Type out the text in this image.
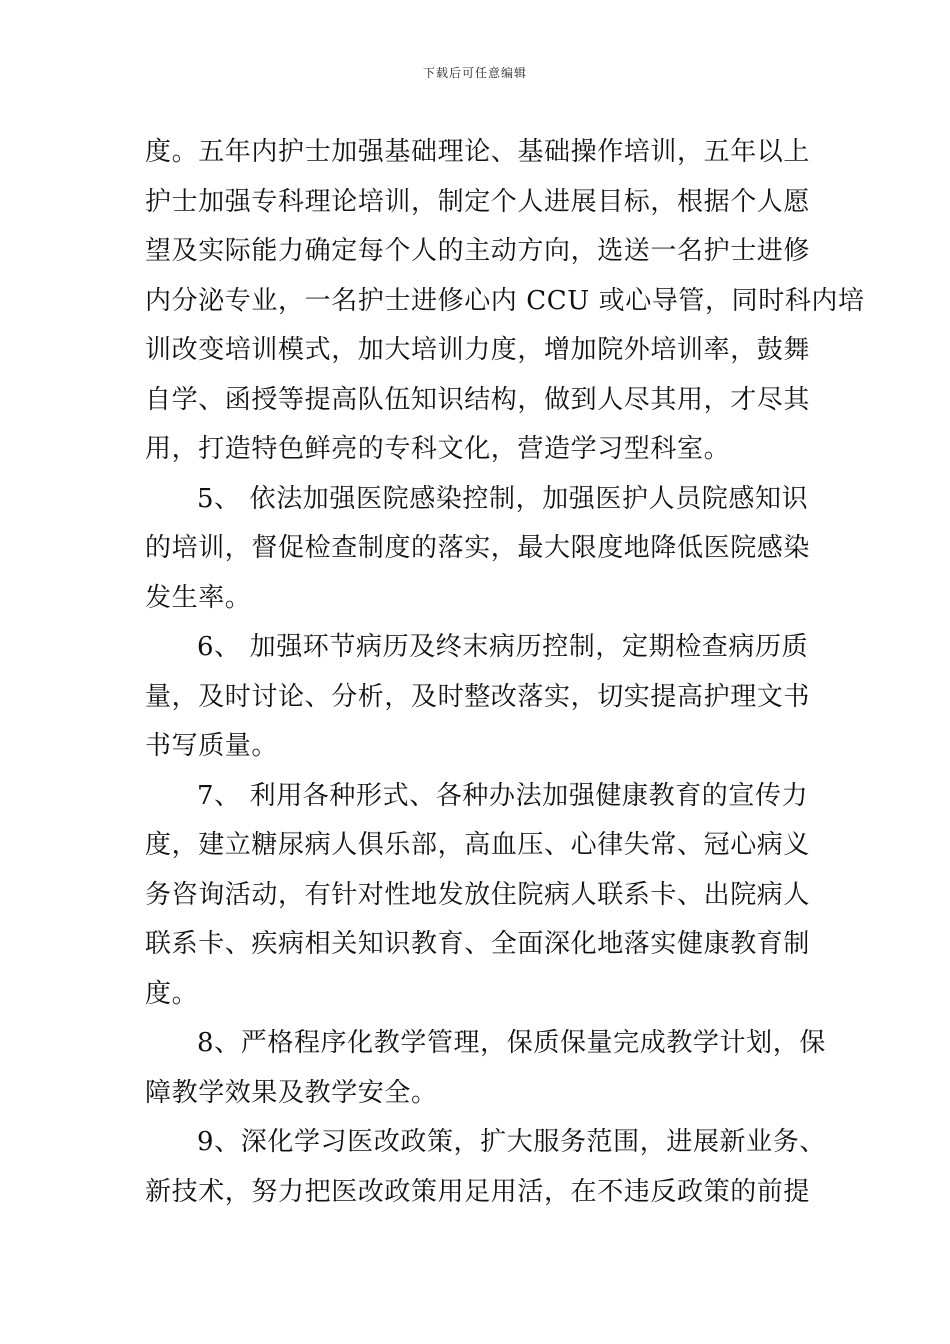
下载后可任意编辑
度。五年内护士加强基础理论、基础操作培训，五年以上
护士加强专科理论培训，制定个人进展目标，根据个人愿
望及实际能力确定每个人的主动方向，选送一名护士进修
内分泌专业，一名护士进修心内 CCU 或心导管，同时科内培
训改变培训模式，加大培训力度，增加院外培训率，鼓舞
自学、函授等提高队伍知识结构，做到人尽其用，才尽其
用，打造特色鲜亮的专科文化，营造学习型科室。
5、 依法加强医院感染控制，加强医护人员院感知识
的培训，督促检查制度的落实，最大限度地降低医院感染
发生率。
6、 加强环节病历及终末病历控制，定期检查病历质
量，及时讨论、分析，及时整改落实，切实提高护理文书
书写质量。
7、 利用各种形式、各种办法加强健康教育的宣传力
度，建立糖尿病人俱乐部，高血压、心律失常、冠心病义
务咨询活动，有针对性地发放住院病人联系卡、出院病人
联系卡、疾病相关知识教育、全面深化地落实健康教育制
度。
8、严格程序化教学管理，保质保量完成教学计划，保
障教学效果及教学安全。
9、深化学习医改政策，扩大服务范围，进展新业务、
新技术，努力把医改政策用足用活，在不违反政策的前提
